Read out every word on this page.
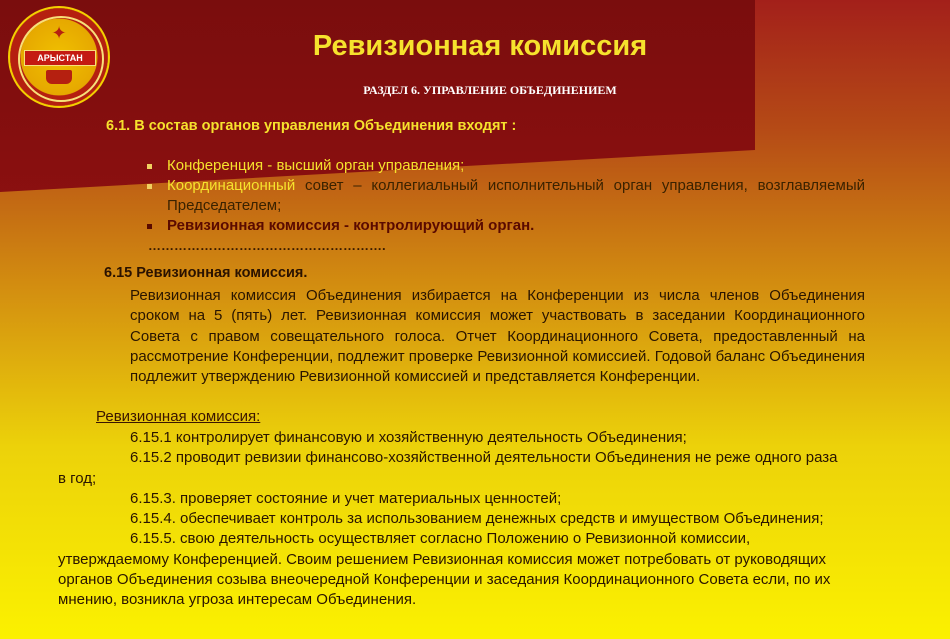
✦
АРЫСТАН	Ревизионная комиссия
РАЗДЕЛ 6. УПРАВЛЕНИЕ ОБЪЕДИНЕНИЕМ
6.1. В состав органов управления Объединения входят :
Конференция - высший орган управления;
Координационный совет – коллегиальный исполнительный орган управления, возглавляемый Председателем;
Ревизионная комиссия - контролирующий орган.
……………………………………………….
6.15 Ревизионная комиссия.

Ревизионная комиссия Объединения избирается на Конференции из числа членов Объединения сроком на 5 (пять) лет. Ревизионная комиссия может участвовать в заседании Координационного Совета с правом совещательного голоса. Отчет Координационного Совета, предоставленный на рассмотрение Конференции, подлежит проверке Ревизионной комиссией. Годовой баланс Объединения подлежит утверждению Ревизионной комиссией и представляется Конференции.

Ревизионная комиссия:

6.15.1 контролирует финансовую и хозяйственную деятельность Объединения;

6.15.2 проводит ревизии финансово-хозяйственной деятельности Объединения не реже одного раза в год;

6.15.3. проверяет состояние и учет материальных ценностей;

6.15.4. обеспечивает контроль за использованием денежных средств и имуществом Объединения;

6.15.5. свою деятельность осуществляет согласно Положению о Ревизионной комиссии, утверждаемому Конференцией. Своим решением Ревизионная комиссия может потребовать от руководящих органов Объединения созыва внеочередной Конференции и заседания Координационного Совета если, по их мнению, возникла угроза интересам Объединения.
